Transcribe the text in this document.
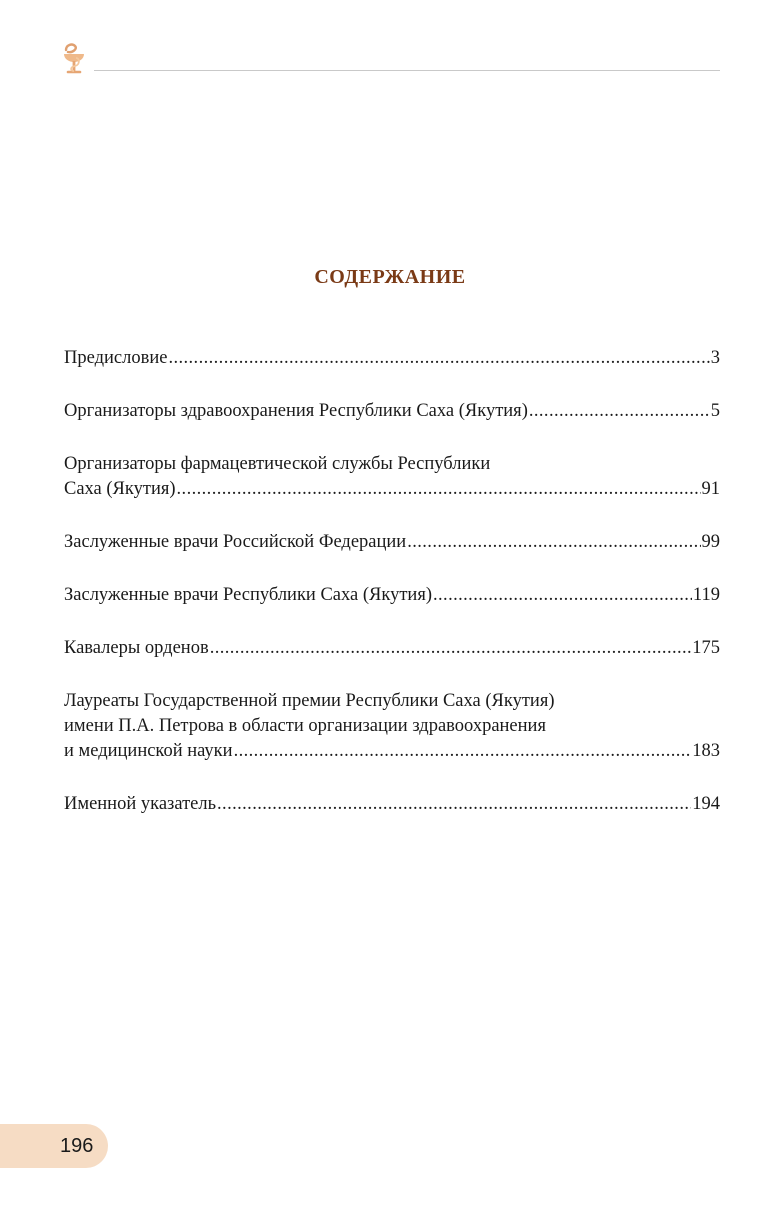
СОДЕРЖАНИЕ
Предисловие .....	3
Организаторы здравоохранения Республики Саха (Якутия) .....	5
Организаторы фармацевтической службы Республики
Саха (Якутия) .....	91
Заслуженные врачи Российской Федерации .....	99
Заслуженные врачи Республики Саха (Якутия) .....	119
Кавалеры орденов .....	175
Лауреаты Государственной премии Республики Саха (Якутия)
имени П.А. Петрова в области организации здравоохранения
и медицинской науки .....	183
Именной указатель .....	194
196
